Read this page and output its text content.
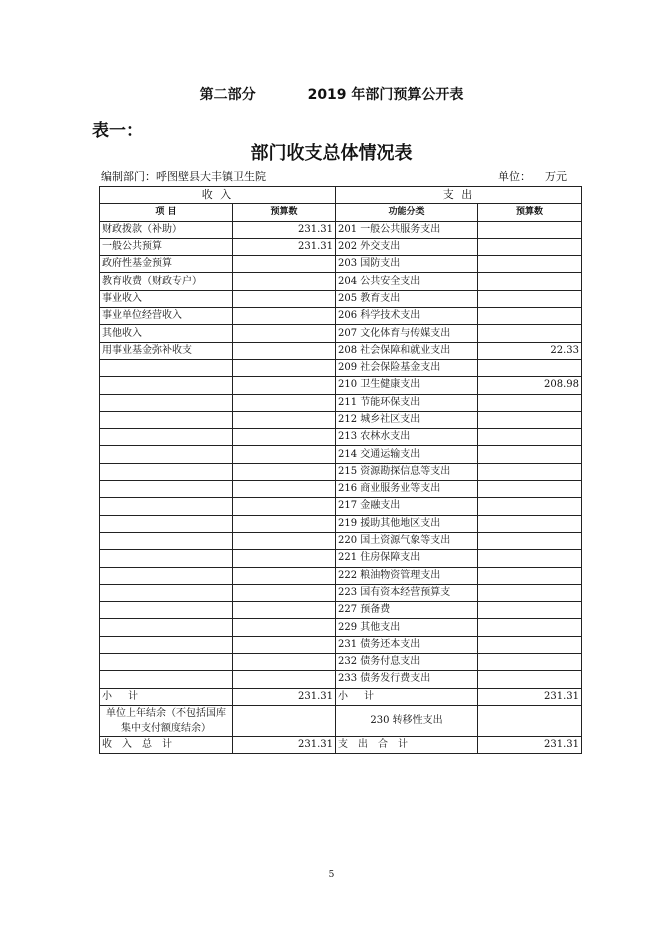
第二部分	2019 年部门预算公开表
表一：
部门收支总体情况表
编制部门：呼图壁县大丰镇卫生院	单位： 万元
收 入		支 出	
项 目	预算数	功能分类	预算数
财政拨款（补助）	231.31	201 一般公共服务支出	
一般公共预算	231.31	202 外交支出	
政府性基金预算		203 国防支出	
教育收费（财政专户）		204 公共安全支出	
事业收入		205 教育支出	
事业单位经营收入		206 科学技术支出	
其他收入		207 文化体育与传媒支出	
用事业基金弥补收支		208 社会保障和就业支出	22.33
		209 社会保险基金支出	
		210 卫生健康支出	208.98
		211 节能环保支出	
		212 城乡社区支出	
		213 农林水支出	
		214 交通运输支出	
		215 资源勘探信息等支出	
		216 商业服务业等支出	
		217 金融支出	
		219 援助其他地区支出	
		220 国土资源气象等支出	
		221 住房保障支出	
		222 粮油物资管理支出	
		223 国有资本经营预算支	
		227 预备费	
		229 其他支出	
		231 债务还本支出	
		232 债务付息支出	
		233 债务发行费支出	
小计	231.31	小计	231.31
单位上年结余（不包括国库集中支付额度结余）		230 转移性支出	
收入总计	231.31	支出合计	231.31
5
